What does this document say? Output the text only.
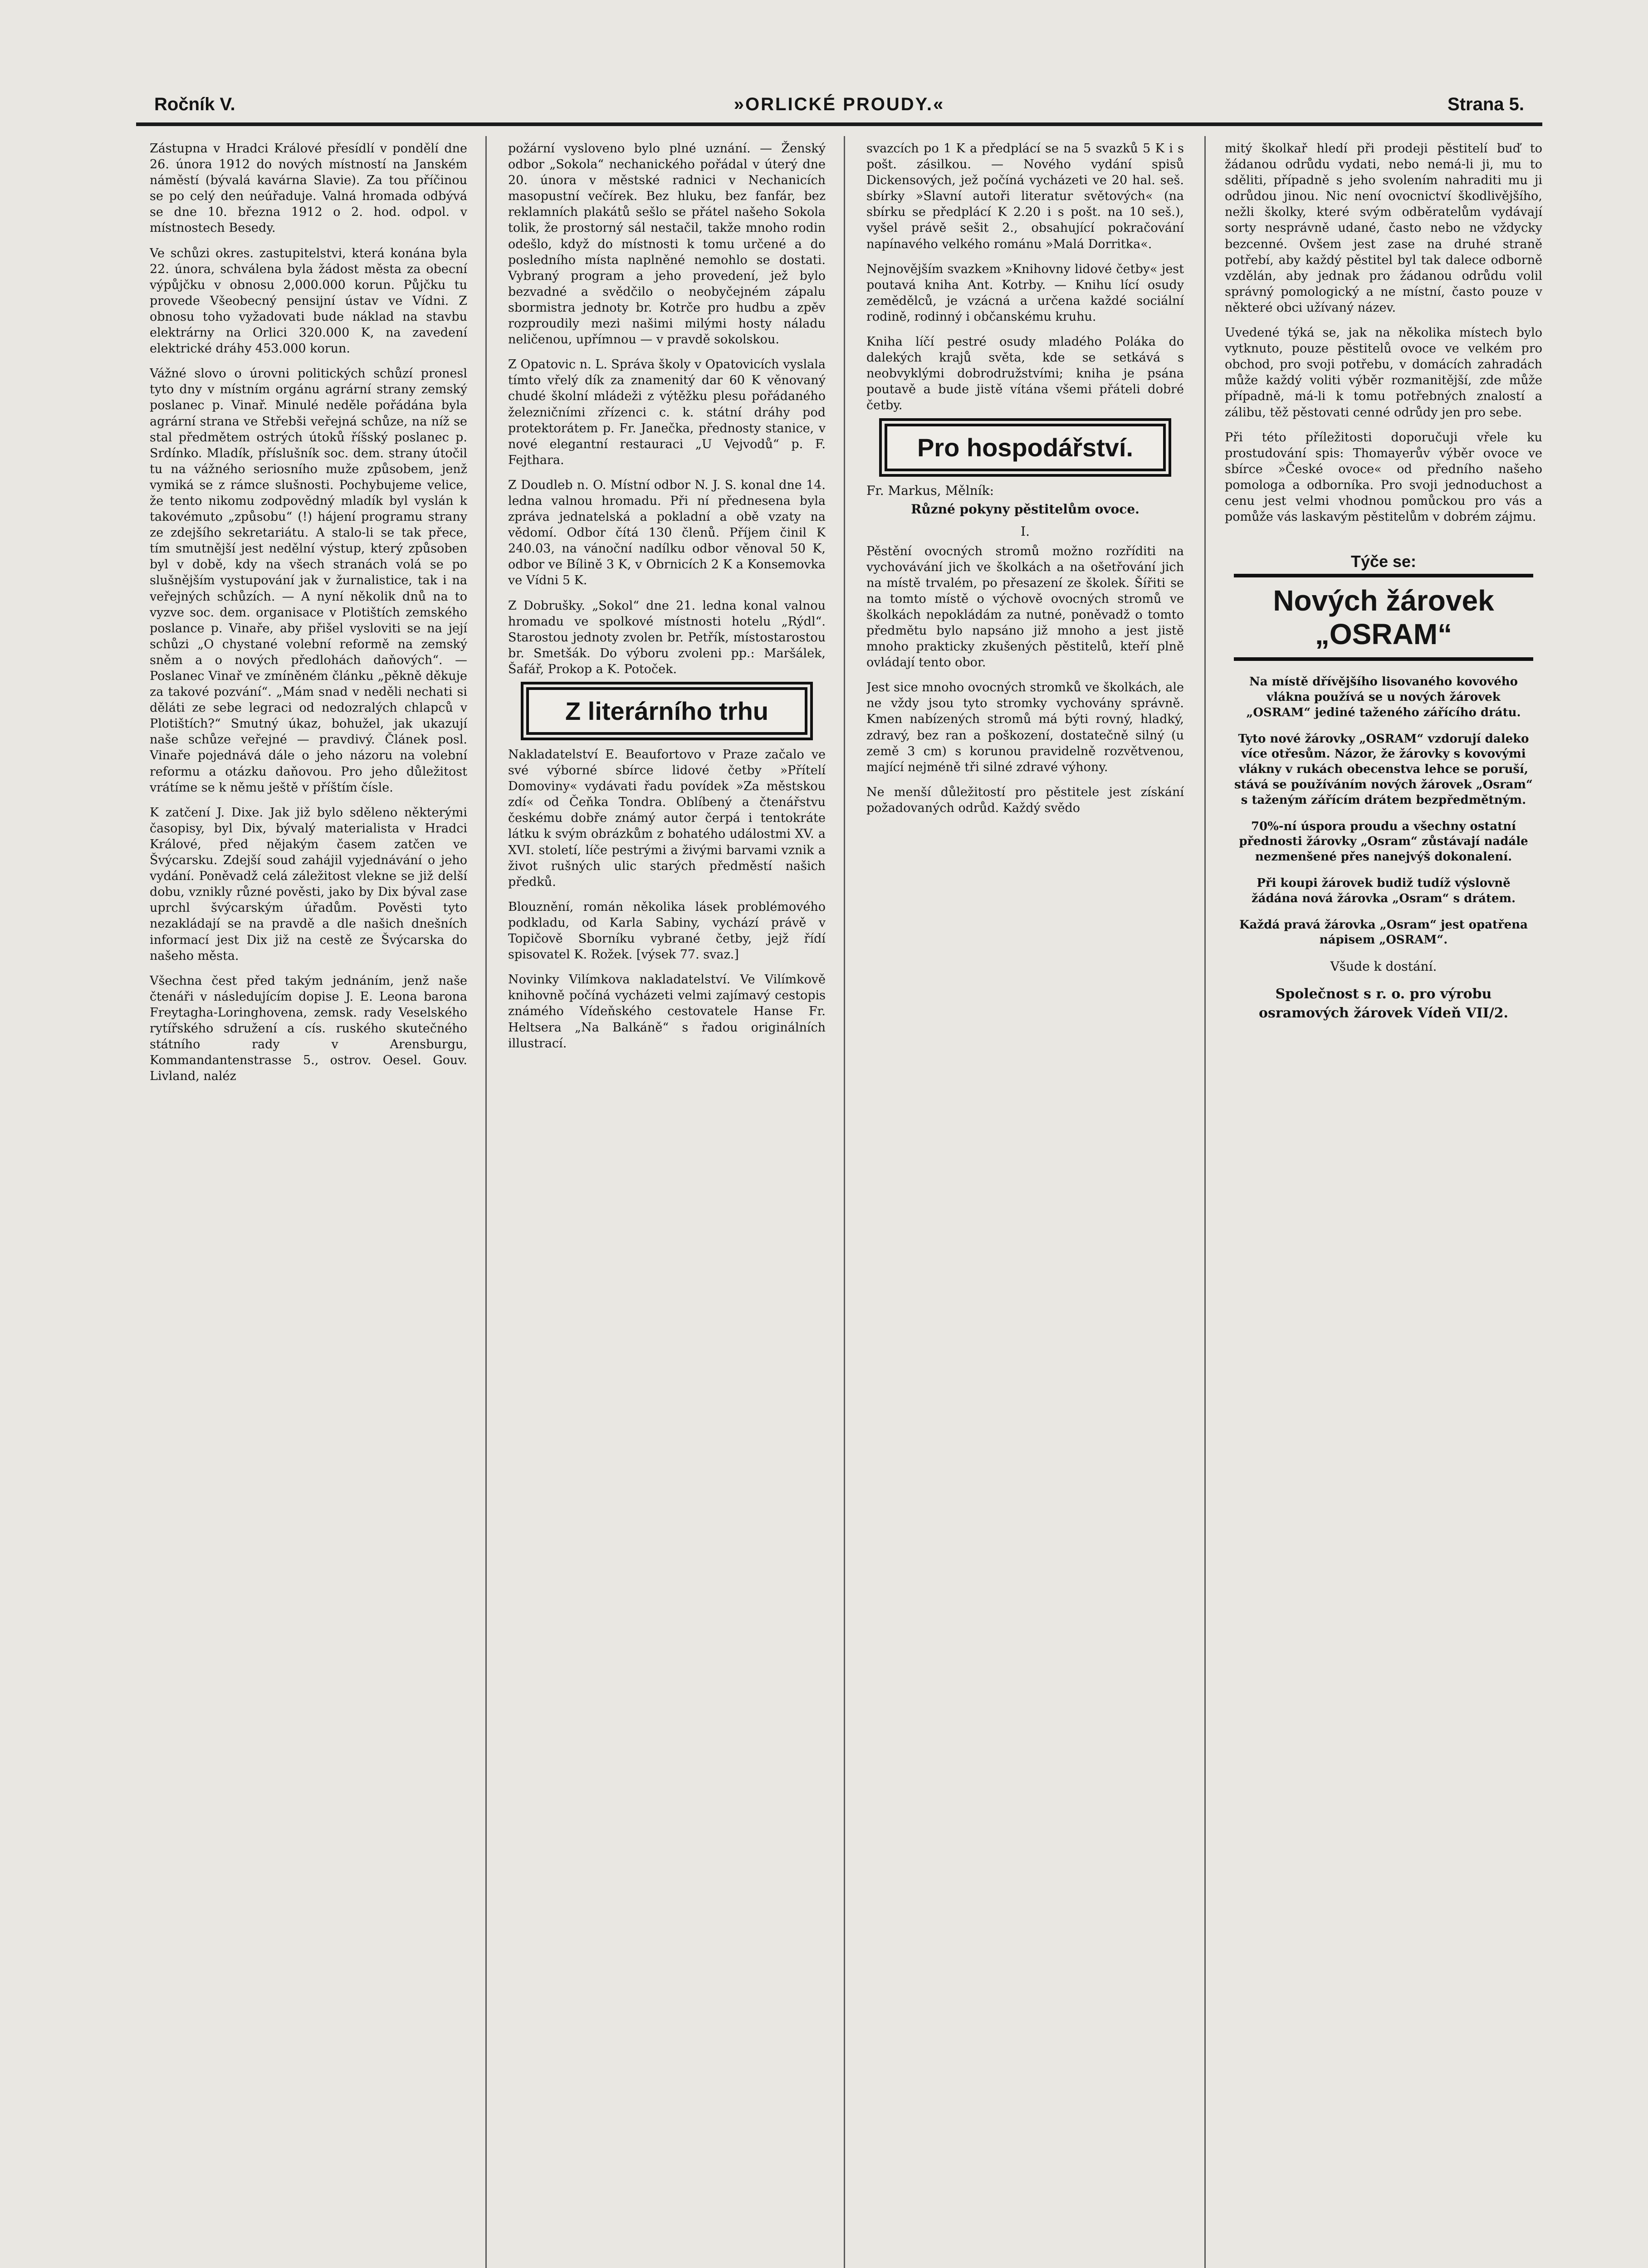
Ročník V.	»ORLICKÉ PROUDY.«	Strana 5.

Zástupna v Hradci Králové přesídlí v pondělí dne 26. února 1912 do nových místností na Janském náměstí (bývalá kavárna Slavie). Za tou příčinou se po celý den neúřaduje. Valná hromada odbývá se dne 10. března 1912 o 2. hod. odpol. v místnostech Besedy.

Ve schůzi okres. zastupitelstvi, která konána byla 22. února, schválena byla žádost města za obecní výpůjčku v obnosu 2,000.000 korun. Půjčku tu provede Všeobecný pensijní ústav ve Vídni. Z obnosu toho vyžadovati bude náklad na stavbu elektrárny na Orlici 320.000 K, na zavedení elektrické dráhy 453.000 korun.

Vážné slovo o úrovni politických schůzí pronesl tyto dny v místním orgánu agrární strany zemský poslanec p. Vinař. Minulé neděle pořádána byla agrární strana ve Střebši veřejná schůze, na níž se stal předmětem ostrých útoků říšský poslanec p. Srdínko. Mladík, příslušník soc. dem. strany útočil tu na vážného seriosního muže způsobem, jenž vymiká se z rámce slušnosti. Pochybujeme velice, že tento nikomu zodpovědný mladík byl vyslán k takovémuto „způsobu“ (!) hájení programu strany ze zdejšího sekretariátu. A stalo-li se tak přece, tím smutnější jest nedělní výstup, který způsoben byl v době, kdy na všech stranách volá se po slušnějším vystupování jak v žurnalistice, tak i na veřejných schůzích. — A nyní několik dnů na to vyzve soc. dem. organisace v Plotištích zemského poslance p. Vinaře, aby přišel vysloviti se na její schůzi „O chystané volební reformě na zemský sněm a o nových předlohách daňových“. — Poslanec Vinař ve zmíněném článku „pěkně děkuje za takové pozvání“. „Mám snad v neděli nechati si děláti ze sebe legraci od nedozralých chlapců v Plotištích?“ Smutný úkaz, bohužel, jak ukazují naše schůze veřejné — pravdivý. Článek posl. Vinaře pojednává dále o jeho názoru na volební reformu a otázku daňovou. Pro jeho důležitost vrátíme se k němu ještě v příštím čísle.

K zatčení J. Dixe. Jak již bylo sděleno některými časopisy, byl Dix, bývalý materialista v Hradci Králové, před nějakým časem zatčen ve Švýcarsku. Zdejší soud zahájil vyjednávání o jeho vydání. Poněvadž celá záležitost vleknе se již delší dobu, vznikly různé pověsti, jako by Dix býval zase uprchl švýcarským úřadům. Pověsti tyto nezakládají se na pravdě a dle našich dnešních informací jest Dix již na cestě ze Švýcarska do našeho města.

Všechna čest před takým jednáním, jenž naše čtenáři v následujícím dopise J. E. Leona barona Freytagha-Loringhovena, zemsk. rady Veselského rytířského sdružení a cís. ruského skutečného státního rady v Arensburgu, Kommandantenstrasse 5., ostrov. Oesel. Gouv. Livland, naléz

požární vysloveno bylo plné uznání. — Ženský odbor „Sokola“ nechanického pořádal v úterý dne 20. února v městské radnici v Nechanicích masopustní večírek. Bez hluku, bez fanfár, bez reklamních plakátů sešlo se přátel našeho Sokola tolik, že prostorný sál nestačil, takže mnoho rodin odešlo, když do místnosti k tomu určené a do posledního místa naplněné nemohlo se dostati. Vybraný program a jeho provedení, jež bylo bezvadné a svědčilo o neobyčejném zápalu sbormistra jednoty br. Kotrče pro hudbu a zpěv rozproudily mezi našimi milými hosty náladu neličenou, upřímnou — v pravdě sokolskou.

Z Opatovic n. L. Správa školy v Opatovicích vyslala tímto vřelý dík za znamenitý dar 60 K věnovaný chudé školní mládeži z výtěžku plesu pořádaného železničními zřízenci c. k. státní dráhy pod protektorátem p. Fr. Janečka, přednosty stanice, v nové elegantní restauraci „U Vejvodů“ p. F. Fejtharа.

Z Doudleb n. O. Místní odbor N. J. S. konal dne 14. ledna valnou hromadu. Při ní přednesena byla zpráva jednatelská a pokladní a obě vzaty na vědomí. Odbor čítá 130 členů. Příjem činil K 240.03, na vánoční nadílku odbor věnoval 50 K, odbor ve Bílině 3 K, v Obrnicích 2 K a Konsemovka ve Vídni 5 K.

Z Dobrušky. „Sokol“ dne 21. ledna konal valnou hromadu ve spolkové místnosti hotelu „Rýdl“. Starostou jednoty zvolen br. Petřík, místostarostou br. Smetšák. Do výboru zvoleni pp.: Maršálek, Šafář, Prokop a K. Potoček.

Z literárního trhu

Nakladatelství E. Beaufortovo v Praze začalo ve své výborné sbírce lidové četby »Přítelí Domoviny« vydávati řadu povídek »Za městskou zdí« od Čeňka Tondra. Oblíbený a čtenářstvu českému dobře známý autor čerpá i tentokráte látku k svým obrázkům z bohatého událostmi XV. a XVI. století, líče pestrými a živými barvami vznik a život rušných ulic starých předměstí našich předků.

Blouznění, román několika lásek problémového podkladu, od Karla Sabiny, vychází právě v Topičově Sborníku vybrané četby, jejž řídí spisovatel K. Rožek. [výsek 77. svaz.]

Novinky Vilímkova nakladatelství. Ve Vilímkově knihovně počíná vycházeti velmi zajímavý cestopis známého Vídeňského cestovatele Hanse Fr. Heltsera „Na Balkáně“ s řadou originálních illustrací.

svazcích po 1 K a předplácí se na 5 svazků 5 K i s pošt. zásilkou. — Nového vydání spisů Dickensových, jež počíná vycházeti ve 20 hal. seš. sbírky »Slavní autoři literatur světových« (na sbírku se předplácí K 2.20 i s pošt. na 10 seš.), vyšel právě sešit 2., obsahující pokračování napínavého velkého románu »Malá Dorritka«.

Nejnovějším svazkem »Knihovny lidové četby« jest poutavá kniha Ant. Kotrby. — Knihu lící osudy zemědělců, je vzácná a určena každé sociální rodině, rodinný i občanskému kruhu.

Kniha líčí pestré osudy mladého Poláka do dalekých krajů světa, kde se setkává s neobvyklými dobrodružstvími; kniha je psána poutavě a bude jistě vítána všemi přáteli dobré četby.

Pro hospodářství.
Fr. Markus, Mělník:
Různé pokyny pěstitelům ovoce.
I.

Pěstění ovocných stromů možno rozříditi na vychovávání jich ve školkách a na ošetřování jich na místě trvalém, po přesazení ze školek. Šířiti se na tomto místě o výchově ovocných stromů ve školkách nepokládám za nutné, poněvadž o tomto předmětu bylo napsáno již mnoho a jest jistě mnoho prakticky zkušených pěstitelů, kteří plně ovládají tento obor.

Jest sice mnoho ovocných stromků ve školkách, ale ne vždy jsou tyto stromky vychovány správně. Kmen nabízených stromů má býti rovný, hladký, zdravý, bez ran a poškození, dostatečně silný (u země 3 cm) s korunou pravidelně rozvětvenou, mající nejméně tři silné zdravé výhony.

Ne menší důležitostí pro pěstitele jest získání požadovaných odrůd. Každý svědo

mitý školkař hledí při prodeji pěstitelí buď to žádanou odrůdu vydati, nebo nemá-li ji, mu to sděliti, případně s jeho svolením nahraditi mu ji odrůdou jinou. Nic není ovocnictví škodlivějšího, nežli školky, které svým odběratelům vydávají sorty nesprávně udané, často nebo ne vždycky bezcenné. Ovšem jest zase na druhé straně potřebí, aby každý pěstitel byl tak dalece odborně vzdělán, aby jednak pro žádanou odrůdu volil správný pomologický a ne místní, často pouze v některé obci užívaný název.

Uvedené týká se, jak na několika místech bylo vytknuto, pouze pěstitelů ovoce ve velkém pro obchod, pro svoji potřebu, v domácích zahradách může každý voliti výběr rozmanitější, zde může případně, má-li k tomu potřebných znalostí a zálibu, těž pěstovati cenné odrůdy jen pro sebe.

Při této příležitosti doporučuji vřele ku prostudování spis: Thomayerův výběr ovoce ve sbírce »České ovoce« od předního našeho pomologa a odborníka. Pro svoji jednoduchost a cenu jest velmi vhodnou pomůckou pro vás a pomůže vás laskavým pěstitelům v dobrém zájmu.

Týče se:
Nových žárovek „OSRAM“
Na místě dřívějšího lisovaného kovového vlákna používá se u nových žárovek „OSRAM“ jediné taženého zářícího drátu.
Tyto nové žárovky „OSRAM“ vzdorují daleko více otřesům. Názor, že žárovky s kovovými vlákny v rukách obecenstva lehce se poruší, stává se používáním nových žárovek „Osram“ s taženým zářícím drátem bezpředmětným.
70%-ní úspora proudu a všechny ostatní přednosti žárovky „Osram“ zůstávají nadále nezmenšené přes nanejvýš dokonalení.
Při koupi žárovek budiž tudíž výslovně žádána nová žárovka „Osram“ s drátem.
Každá pravá žárovka „Osram“ jest opatřena nápisem „OSRAM“.
Všude k dostání.
Společnost s r. o. pro výrobu osramových žárovek Vídeň VII/2.
